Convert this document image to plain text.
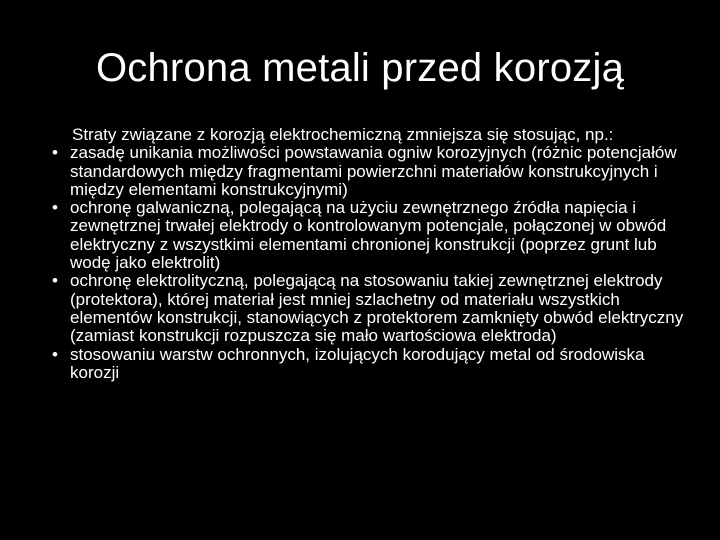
Ochrona metali przed korozją

Straty związane z korozją elektrochemiczną zmniejsza się stosując, np.:

• zasadę unikania możliwości powstawania ogniw korozyjnych (różnic potencjałów standardowych między fragmentami powierzchni materiałów konstrukcyjnych i między elementami konstrukcyjnymi)
• ochronę galwaniczną, polegającą na użyciu zewnętrznego źródła napięcia i zewnętrznej trwałej elektrody o kontrolowanym potencjale, połączonej w obwód elektryczny z wszystkimi elementami chronionej konstrukcji (poprzez grunt lub wodę jako elektrolit)
• ochronę elektrolityczną, polegającą na stosowaniu takiej zewnętrznej elektrody (protektora), której materiał jest mniej szlachetny od materiału wszystkich elementów konstrukcji, stanowiących z protektorem zamknięty obwód elektryczny (zamiast konstrukcji rozpuszcza się mało wartościowa elektroda)
• stosowaniu warstw ochronnych, izolujących korodujący metal od środowiska korozji
